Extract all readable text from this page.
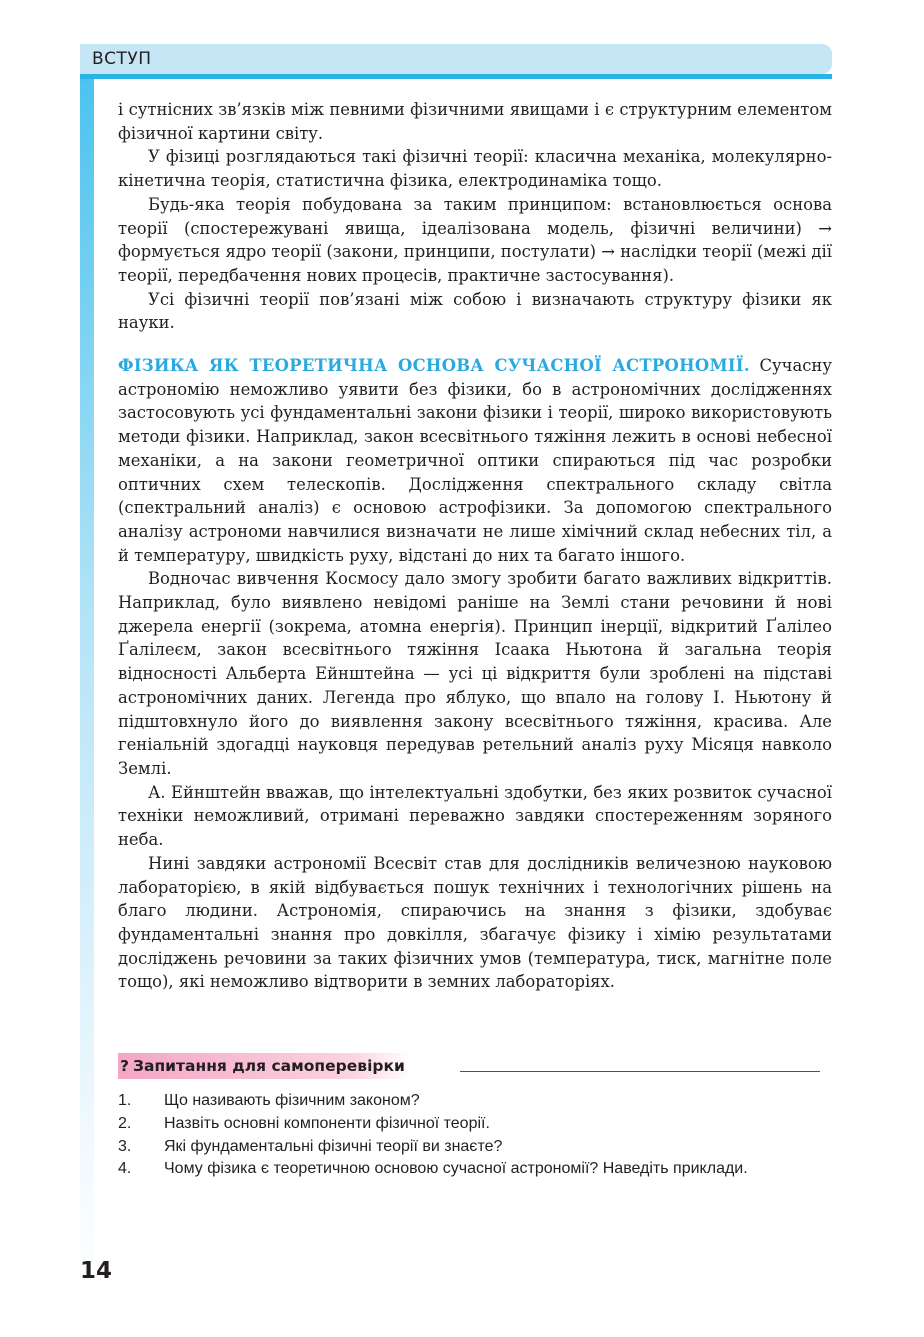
ВСТУП

і сутнісних зв’язків між певними фізичними явищами і є структурним елементом фізичної картини світу.

У фізиці розглядаються такі фізичні теорії: класична механіка, молекулярно-кінетична теорія, статистична фізика, електродинаміка тощо.

Будь-яка теорія побудована за таким принципом: встановлюється основа теорії (спостережувані явища, ідеалізована модель, фізичні величини) → формується ядро теорії (закони, принципи, постулати) → наслідки теорії (межі дії теорії, передбачення нових процесів, практичне застосування).

Усі фізичні теорії пов’язані між собою і визначають структуру фізики як науки.

ФІЗИКА ЯК ТЕОРЕТИЧНА ОСНОВА СУЧАСНОЇ АСТРОНОМІЇ. Сучасну астрономію неможливо уявити без фізики, бо в астрономічних дослідженнях застосовують усі фундаментальні закони фізики і теорії, широко використовують методи фізики. Наприклад, закон всесвітнього тяжіння лежить в основі небесної механіки, а на закони геометричної оптики спираються під час розробки оптичних схем телескопів. Дослідження спектрального складу світла (спектральний аналіз) є основою астрофізики. За допомогою спектрального аналізу астрономи навчилися визначати не лише хімічний склад небесних тіл, а й температуру, швидкість руху, відстані до них та багато іншого.

Водночас вивчення Космосу дало змогу зробити багато важливих відкриттів. Наприклад, було виявлено невідомі раніше на Землі стани речовини й нові джерела енергії (зокрема, атомна енергія). Принцип інерції, відкритий Ґалілео Ґалілеєм, закон всесвітнього тяжіння Ісаака Ньютона й загальна теорія відносності Альберта Ейнштейна — усі ці відкриття були зроблені на підставі астрономічних даних. Легенда про яблуко, що впало на голову І. Ньютону й підштовхнуло його до виявлення закону всесвітнього тяжіння, красива. Але геніальній здогадці науковця передував ретельний аналіз руху Місяця навколо Землі.

А. Ейнштейн вважав, що інтелектуальні здобутки, без яких розвиток сучасної техніки неможливий, отримані переважно завдяки спостереженням зоряного неба.

Нині завдяки астрономії Всесвіт став для дослідників величезною науковою лабораторією, в якій відбувається пошук технічних і технологічних рішень на благо людини. Астрономія, спираючись на знання з фізики, здобуває фундаментальні знання про довкілля, збагачує фізику і хімію результатами досліджень речовини за таких фізичних умов (температура, тиск, магнітне поле тощо), які неможливо відтворити в земних лабораторіях.

? Запитання для самоперевірки
1. Що називають фізичним законом?
2. Назвіть основні компоненти фізичної теорії.
3. Які фундаментальні фізичні теорії ви знаєте?
4. Чому фізика є теоретичною основою сучасної астрономії? Наведіть приклади.
14
